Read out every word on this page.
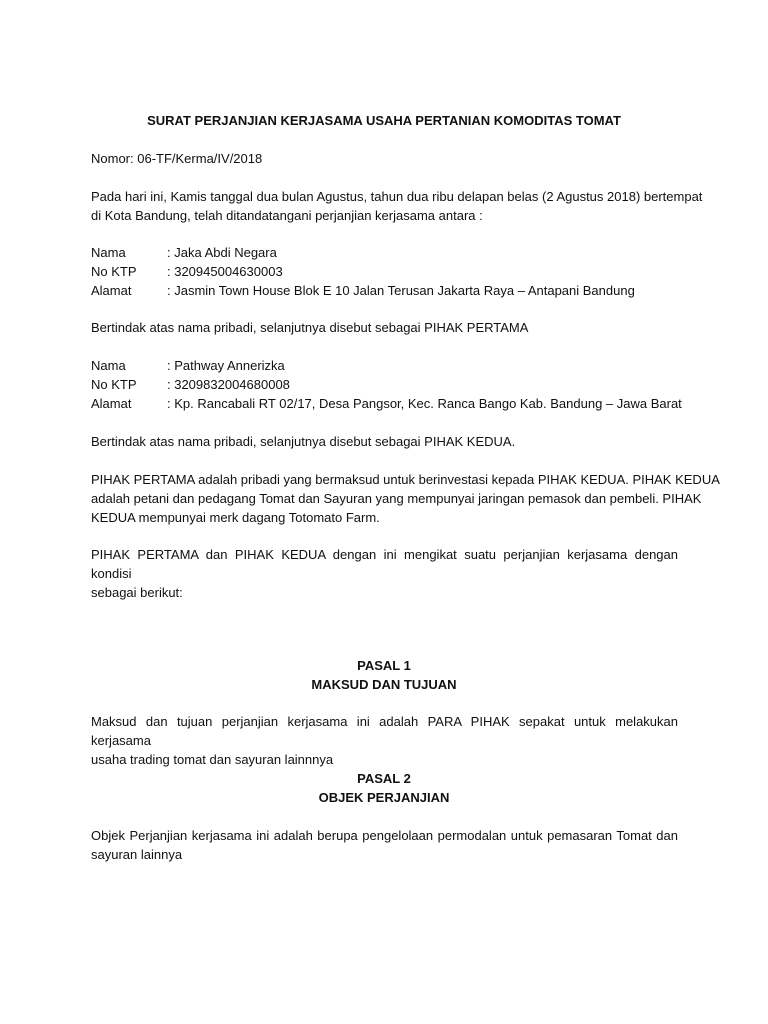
SURAT PERJANJIAN KERJASAMA USAHA PERTANIAN KOMODITAS TOMAT
Nomor: 06-TF/Kerma/IV/2018
Pada hari ini, Kamis tanggal dua bulan Agustus, tahun dua ribu delapan belas (2 Agustus 2018) bertempat
di Kota Bandung, telah ditandatangani perjanjian kerjasama antara :
Nama	: Jaka Abdi Negara
No KTP : 320945004630003
Alamat	: Jasmin Town House Blok E 10 Jalan Terusan Jakarta Raya – Antapani Bandung
Bertindak atas nama pribadi, selanjutnya disebut sebagai PIHAK PERTAMA
Nama	: Pathway Annerizka
No KTP : 3209832004680008
Alamat	: Kp. Rancabali RT 02/17, Desa Pangsor, Kec. Ranca Bango Kab. Bandung – Jawa Barat
Bertindak atas nama pribadi, selanjutnya disebut sebagai PIHAK KEDUA.
PIHAK PERTAMA adalah pribadi yang bermaksud untuk berinvestasi kepada PIHAK KEDUA. PIHAK KEDUA
adalah petani dan pedagang Tomat dan Sayuran yang mempunyai jaringan pemasok dan pembeli. PIHAK
KEDUA mempunyai merk dagang Totomato Farm.
PIHAK PERTAMA dan PIHAK KEDUA dengan ini mengikat suatu perjanjian kerjasama dengan kondisi
sebagai berikut:
PASAL 1
MAKSUD DAN TUJUAN
Maksud dan tujuan perjanjian kerjasama ini adalah PARA PIHAK sepakat untuk melakukan kerjasama
usaha trading tomat dan sayuran lainnnya
PASAL 2
OBJEK PERJANJIAN
Objek Perjanjian kerjasama ini adalah berupa pengelolaan permodalan untuk pemasaran Tomat dan
sayuran lainnya
